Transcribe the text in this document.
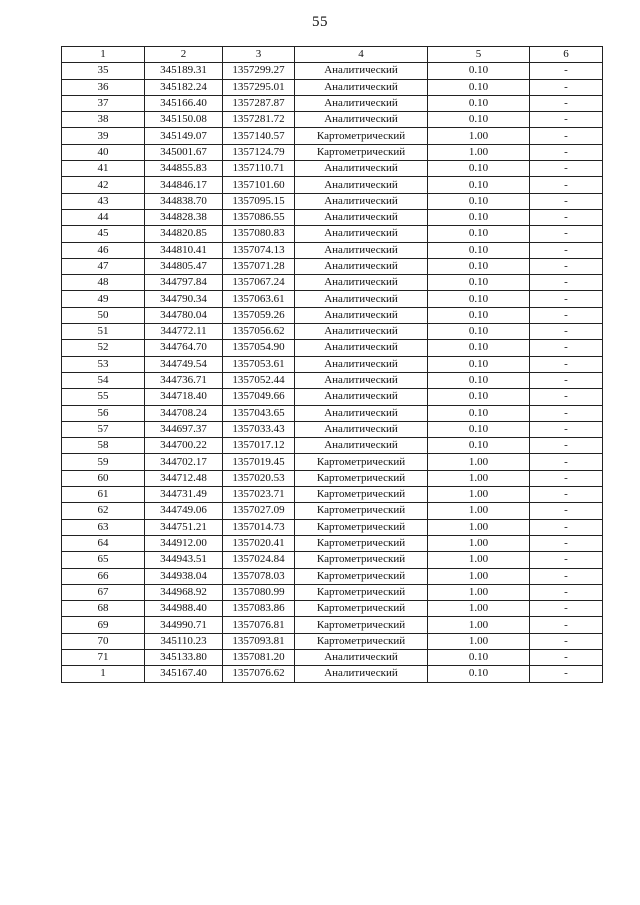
55
1	2	3	4	5	6
35	345189.31	1357299.27	Аналитический	0.10	-
36	345182.24	1357295.01	Аналитический	0.10	-
37	345166.40	1357287.87	Аналитический	0.10	-
38	345150.08	1357281.72	Аналитический	0.10	-
39	345149.07	1357140.57	Картометрический	1.00	-
40	345001.67	1357124.79	Картометрический	1.00	-
41	344855.83	1357110.71	Аналитический	0.10	-
42	344846.17	1357101.60	Аналитический	0.10	-
43	344838.70	1357095.15	Аналитический	0.10	-
44	344828.38	1357086.55	Аналитический	0.10	-
45	344820.85	1357080.83	Аналитический	0.10	-
46	344810.41	1357074.13	Аналитический	0.10	-
47	344805.47	1357071.28	Аналитический	0.10	-
48	344797.84	1357067.24	Аналитический	0.10	-
49	344790.34	1357063.61	Аналитический	0.10	-
50	344780.04	1357059.26	Аналитический	0.10	-
51	344772.11	1357056.62	Аналитический	0.10	-
52	344764.70	1357054.90	Аналитический	0.10	-
53	344749.54	1357053.61	Аналитический	0.10	-
54	344736.71	1357052.44	Аналитический	0.10	-
55	344718.40	1357049.66	Аналитический	0.10	-
56	344708.24	1357043.65	Аналитический	0.10	-
57	344697.37	1357033.43	Аналитический	0.10	-
58	344700.22	1357017.12	Аналитический	0.10	-
59	344702.17	1357019.45	Картометрический	1.00	-
60	344712.48	1357020.53	Картометрический	1.00	-
61	344731.49	1357023.71	Картометрический	1.00	-
62	344749.06	1357027.09	Картометрический	1.00	-
63	344751.21	1357014.73	Картометрический	1.00	-
64	344912.00	1357020.41	Картометрический	1.00	-
65	344943.51	1357024.84	Картометрический	1.00	-
66	344938.04	1357078.03	Картометрический	1.00	-
67	344968.92	1357080.99	Картометрический	1.00	-
68	344988.40	1357083.86	Картометрический	1.00	-
69	344990.71	1357076.81	Картометрический	1.00	-
70	345110.23	1357093.81	Картометрический	1.00	-
71	345133.80	1357081.20	Аналитический	0.10	-
1	345167.40	1357076.62	Аналитический	0.10	-
